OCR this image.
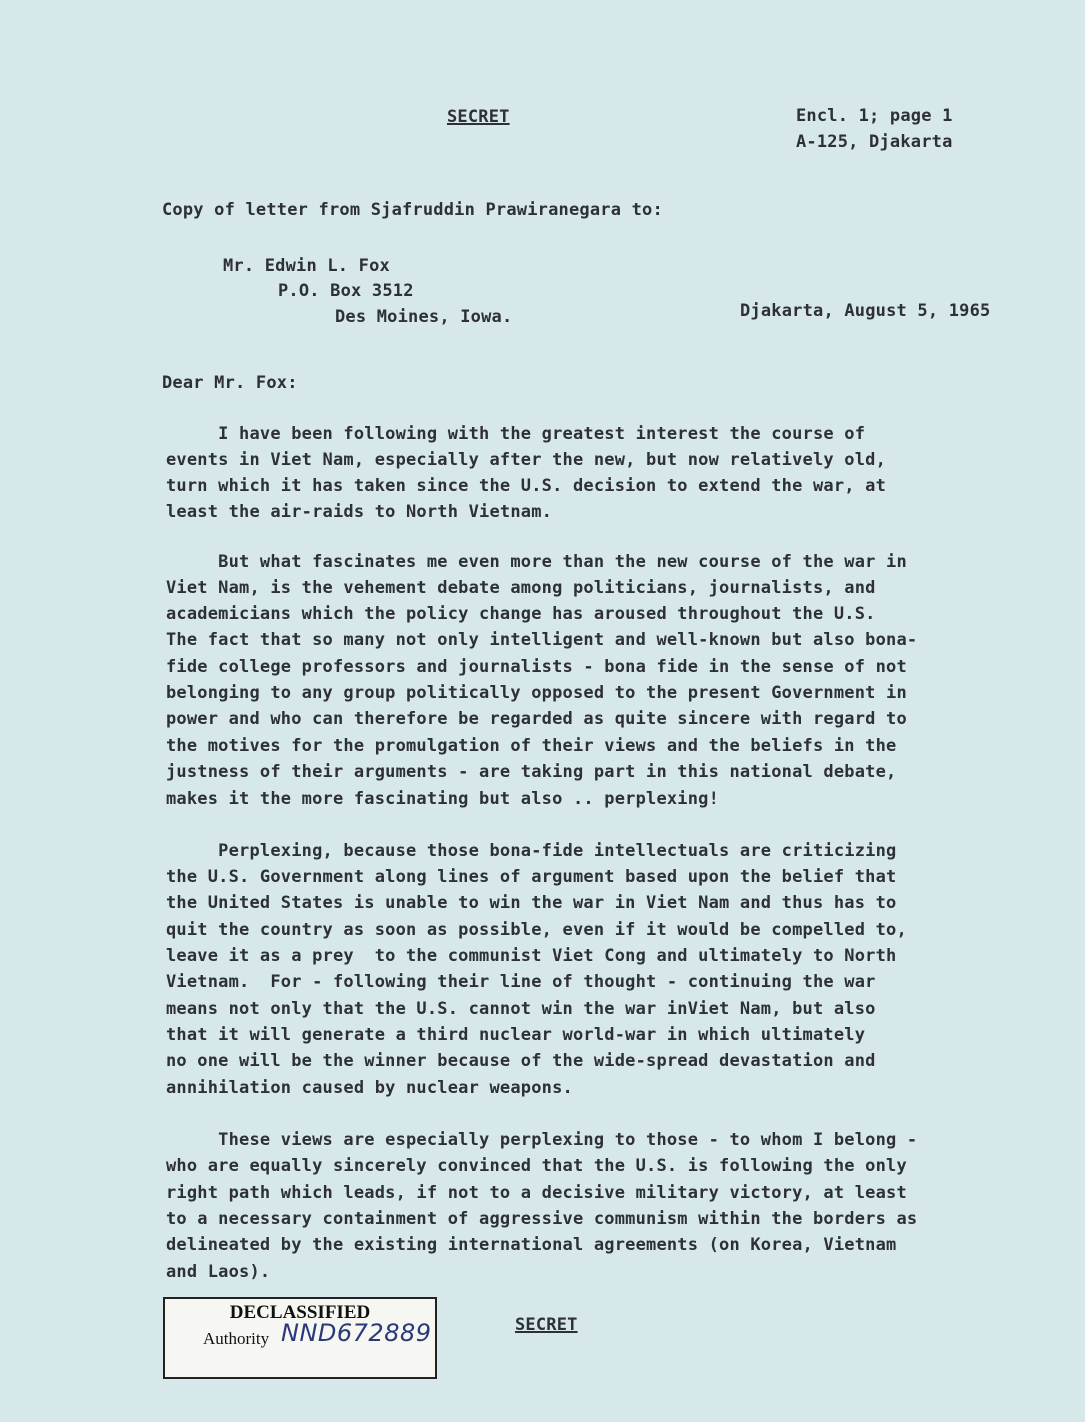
SECRET	Encl. 1; page 1
A-125, Djakarta
Copy of letter from Sjafruddin Prawiranegara to:
Mr. Edwin L. Fox
P.O. Box 3512
Des Moines, Iowa.	Djakarta, August 5, 1965
Dear Mr. Fox:
I have been following with the greatest interest the course of
events in Viet Nam, especially after the new, but now relatively old,
turn which it has taken since the U.S. decision to extend the war, at
least the air-raids to North Vietnam.
But what fascinates me even more than the new course of the war in
Viet Nam, is the vehement debate among politicians, journalists, and
academicians which the policy change has aroused throughout the U.S.
The fact that so many not only intelligent and well-known but also bona-
fide college professors and journalists - bona fide in the sense of not
belonging to any group politically opposed to the present Government in
power and who can therefore be regarded as quite sincere with regard to
the motives for the promulgation of their views and the beliefs in the
justness of their arguments - are taking part in this national debate,
makes it the more fascinating but also .. perplexing!
Perplexing, because those bona-fide intellectuals are criticizing
the U.S. Government along lines of argument based upon the belief that
the United States is unable to win the war in Viet Nam and thus has to
quit the country as soon as possible, even if it would be compelled to,
leave it as a prey  to the communist Viet Cong and ultimately to North
Vietnam.  For - following their line of thought - continuing the war
means not only that the U.S. cannot win the war inViet Nam, but also
that it will generate a third nuclear world-war in which ultimately
no one will be the winner because of the wide-spread devastation and
annihilation caused by nuclear weapons.
These views are especially perplexing to those - to whom I belong -
who are equally sincerely convinced that the U.S. is following the only
right path which leads, if not to a decisive military victory, at least
to a necessary containment of aggressive communism within the borders as
delineated by the existing international agreements (on Korea, Vietnam
and Laos).
SECRET
DECLASSIFIED
Authority NND672889
